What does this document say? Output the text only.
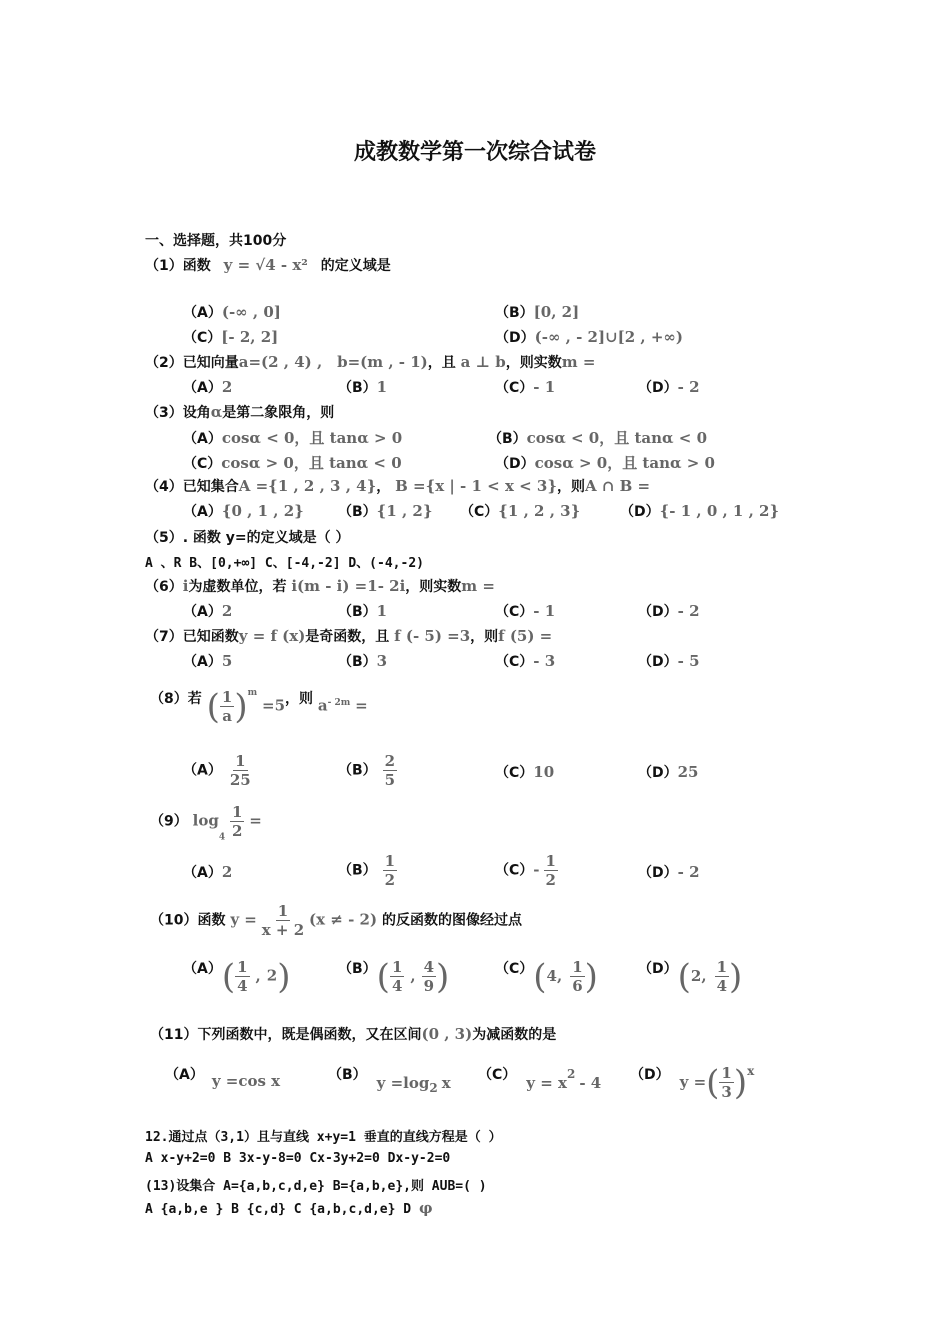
成教数学第一次综合试卷
一、选择题，共100分
（1）函数 y = √4 - x² 的定义域是
（A）(-∞ , 0]	（B）[0, 2]
（C）[- 2, 2]	（D）(-∞ , - 2]∪[2 , +∞)
（2）已知向量a=(2 , 4) , b=(m , - 1)，且 a ⊥ b，则实数m =
（A）2	（B）1	（C）- 1	（D）- 2
（3）设角α是第二象限角，则
（A）cosα < 0，且 tanα > 0	（B）cosα < 0，且 tanα < 0
（C）cosα > 0，且 tanα < 0	（D）cosα > 0，且 tanα > 0
（4）已知集合A ={1 , 2 , 3 , 4}， B ={x | - 1 < x < 3}，则A ∩ B =
（A）{0 , 1 , 2} （B）{1 , 2} （C）{1 , 2 , 3}	（D）{- 1 , 0 , 1 , 2}
（5）. 函数 y=的定义域是（ ）
A 、R B、[0,+∞] C、[-4,-2] D、(-4,-2)
（6）i为虚数单位，若 i(m - i) =1- 2i，则实数m =
（A）2	（B）1	（C）- 1	（D）- 2
（7）已知函数y = f (x)是奇函数，且 f (- 5) =3，则f (5) =
（A）5	（B）3	（C）- 3	（D）- 5
（8）若 ( $\frac{1}{a} )^m =5$，则 $a^{- 2m}$ =
$(A) \frac{1}{25}$	$(B) \frac{2}{5}$	（C）10	（D）25
（9） $\log_4 \frac{1}{2}$ =
（A）2	$(B) \frac{1}{2}$	$(C)- \frac{1}{2}$	（D）- 2
（10）函数 $y = \frac{1}{x + 2} (x$ ≠ - 2) 的反函数的图像经过点
$(A)( \frac{1}{4}$ , 2)	$(B)( \frac{1}{4}$ , $\frac{4}{9}$ )	（C）(4, $\frac{1}{6}$ )	（D）(2, $\frac{1}{4}$ )
（11）下列函数中，既是偶函数，又在区间(0 , 3)为减函数的是
（A） y =cos x	（B） y =log2 x （C） y = x2 - 4 （D） y =( $\frac{1}{3} )x$
12.通过点（3,1）且与直线 x+y=1 垂直的直线方程是（ ）
A x-y+2=0 B 3x-y-8=0 Cx-3y+2=0 Dx-y-2=0
(13)设集合 A={a,b,c,d,e} B={a,b,e},则 AUB=( )
A {a,b,e } B {c,d} C {a,b,c,d,e} D φ
